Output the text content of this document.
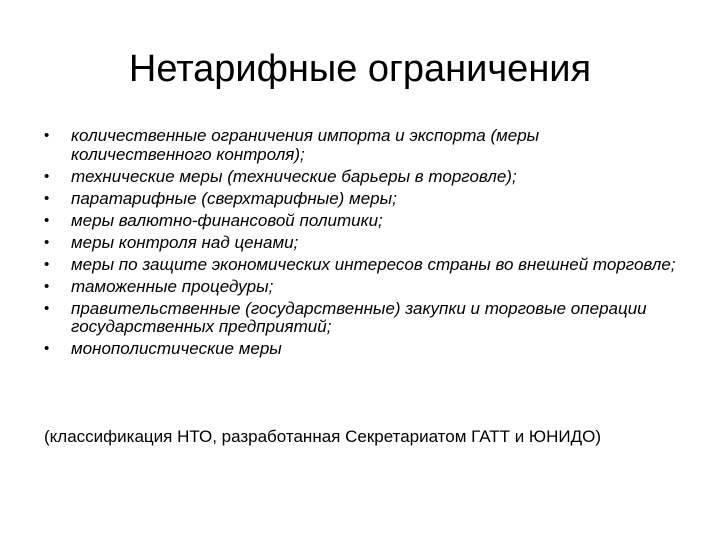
Нетарифные ограничения
• количественные ограничения импорта и экспорта (меры количественного контроля);
• технические меры (технические барьеры в торговле);
• паратарифные (сверхтарифные) меры;
• меры валютно-финансовой политики;
• меры контроля над ценами;
• меры по защите экономических интересов страны во внешней торговле;
• таможенные процедуры;
• правительственные (государственные) закупки и торговые операции государственных предприятий;
• монополистические меры

(классификация НТО, разработанная Секретариатом ГАТТ и ЮНИДО)
